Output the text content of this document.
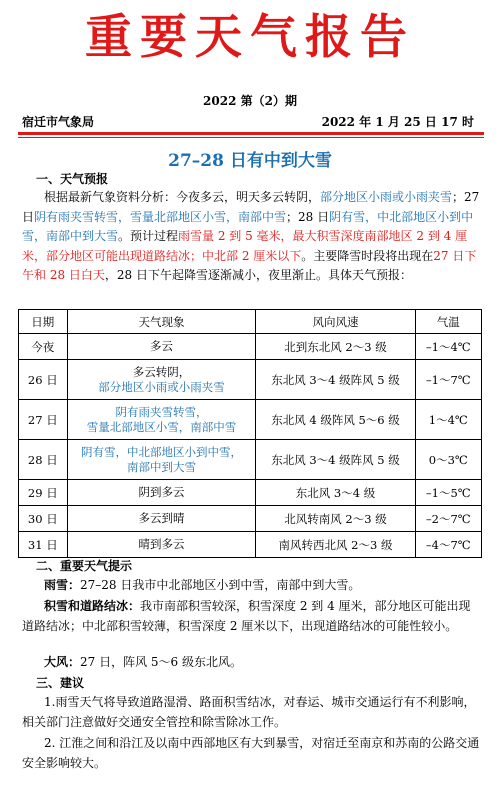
重要天气报告
2022 第（2）期
宿迁市气象局	2022 年 1 月 25 日 17 时
27–28 日有中到大雪
一、天气预报
根据最新气象资料分析：今夜多云，明天多云转阴，部分地区小雨或小雨夹雪；27 日阴有雨夹雪转雪，雪量北部地区小雪，南部中雪；28 日阴有雪，中北部地区小到中雪，南部中到大雪。预计过程雨雪量 2 到 5 毫米，最大积雪深度南部地区 2 到 4 厘米，部分地区可能出现道路结冰；中北部 2 厘米以下。主要降雪时段将出现在27 日下午和 28 日白天，28 日下午起降雪逐渐减小，夜里渐止。具体天气预报：
日期	天气现象	风向风速	气温
今夜	多云	北到东北风 2～3 级	–1～4℃
26 日	多云转阴，
部分地区小雨或小雨夹雪	东北风 3～4 级阵风 5 级	–1～7℃
27 日	阴有雨夹雪转雪，
雪量北部地区小雪，南部中雪	东北风 4 级阵风 5～6 级	1～4℃
28 日	阴有雪，中北部地区小到中雪，
南部中到大雪	东北风 3～4 级阵风 5 级	0～3℃
29 日	阴到多云	东北风 3～4 级	–1～5℃
30 日	多云到晴	北风转南风 2～3 级	–2～7℃
31 日	晴到多云	南风转西北风 2～3 级	–4～7℃
二、重要天气提示
雨雪：27–28 日我市中北部地区小到中雪，南部中到大雪。
积雪和道路结冰：我市南部积雪较深，积雪深度 2 到 4 厘米，部分地区可能出现道路结冰；中北部积雪较薄，积雪深度 2 厘米以下，出现道路结冰的可能性较小。
大风：27 日，阵风 5～6 级东北风。
三、建议
1.雨雪天气将导致道路湿滑、路面积雪结冰，对春运、城市交通运行有不利影响，相关部门注意做好交通安全管控和除雪除冰工作。
2. 江淮之间和沿江及以南中西部地区有大到暴雪，对宿迁至南京和苏南的公路交通安全影响较大。
